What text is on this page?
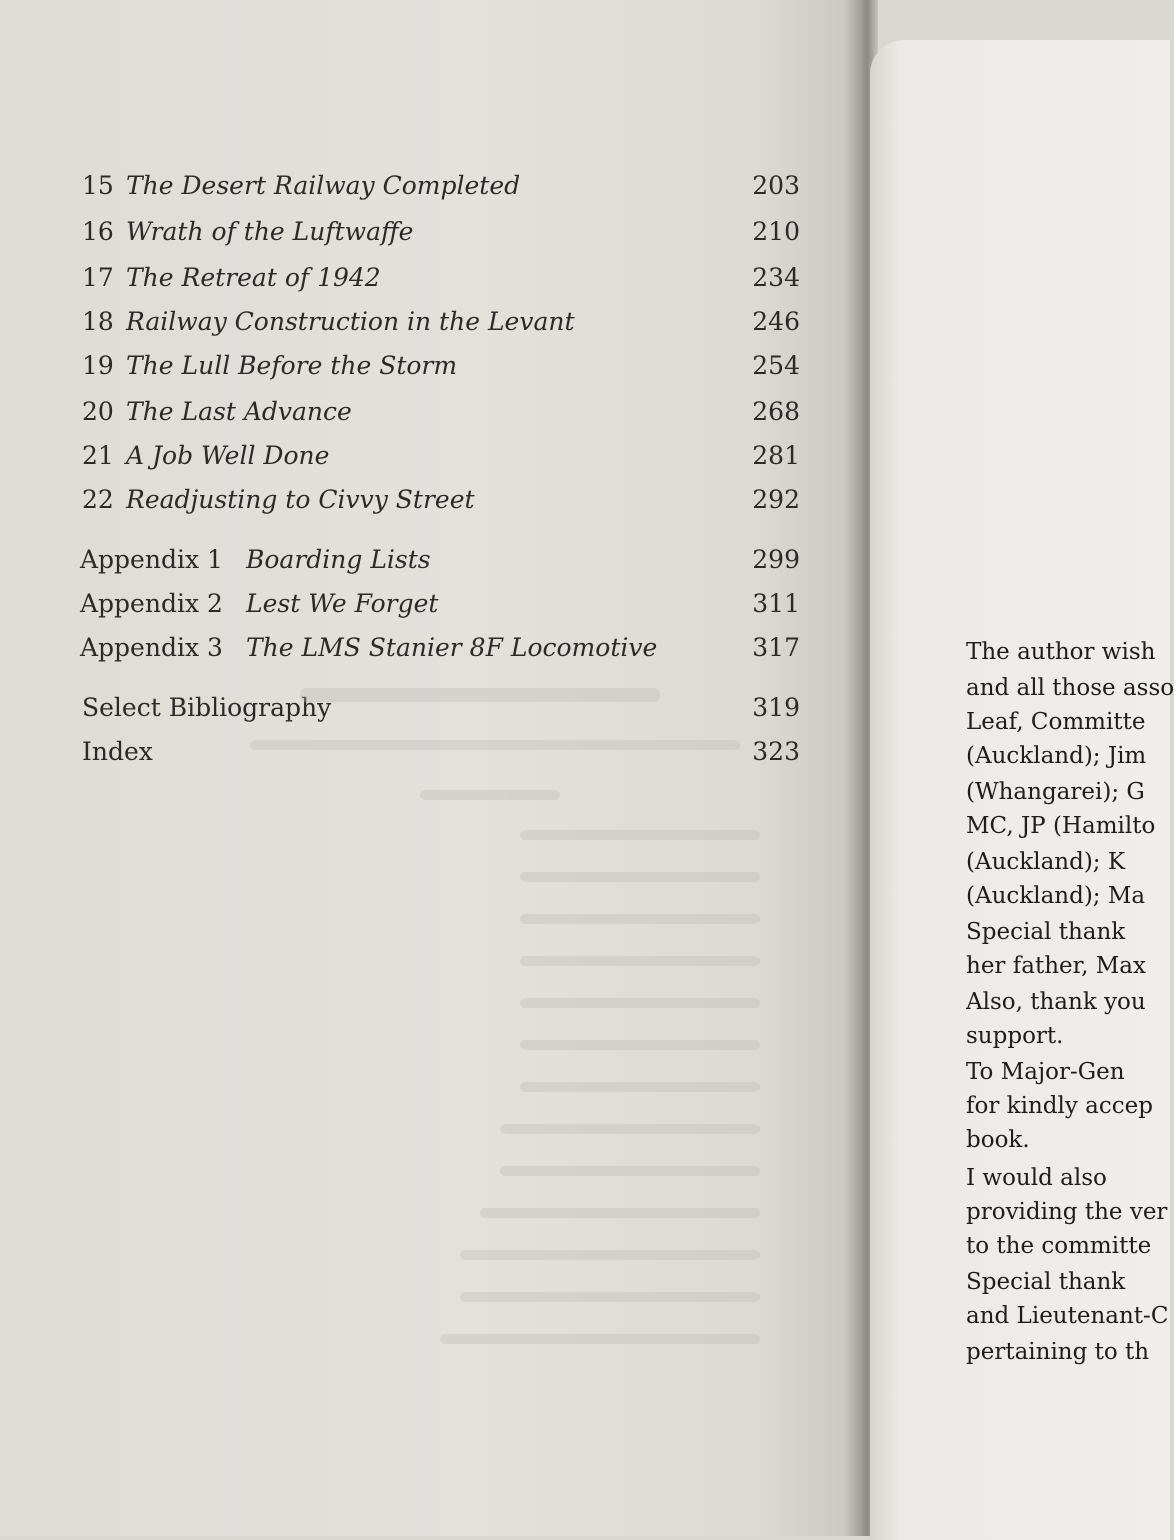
15 The Desert Railway Completed	203
16 Wrath of the Luftwaffe	210
17 The Retreat of 1942	234
18 Railway Construction in the Levant	246
19 The Lull Before the Storm	254
20 The Last Advance	268
21 A Job Well Done	281
22 Readjusting to Civvy Street	292
Appendix 1 Boarding Lists	299
Appendix 2 Lest We Forget	311
Appendix 3 The LMS Stanier 8F Locomotive	317
Select Bibliography	319
Index	323
The author wish
and all those asso
Leaf, Committe
(Auckland); Jim
(Whangarei); G
MC, JP (Hamilto
(Auckland); K
(Auckland); Ma
Special thank
her father, Max
Also, thank you
support.
To Major-Gen
for kindly accep
book.
I would also
providing the ver
to the committe
Special thank
and Lieutenant-C
pertaining to th
